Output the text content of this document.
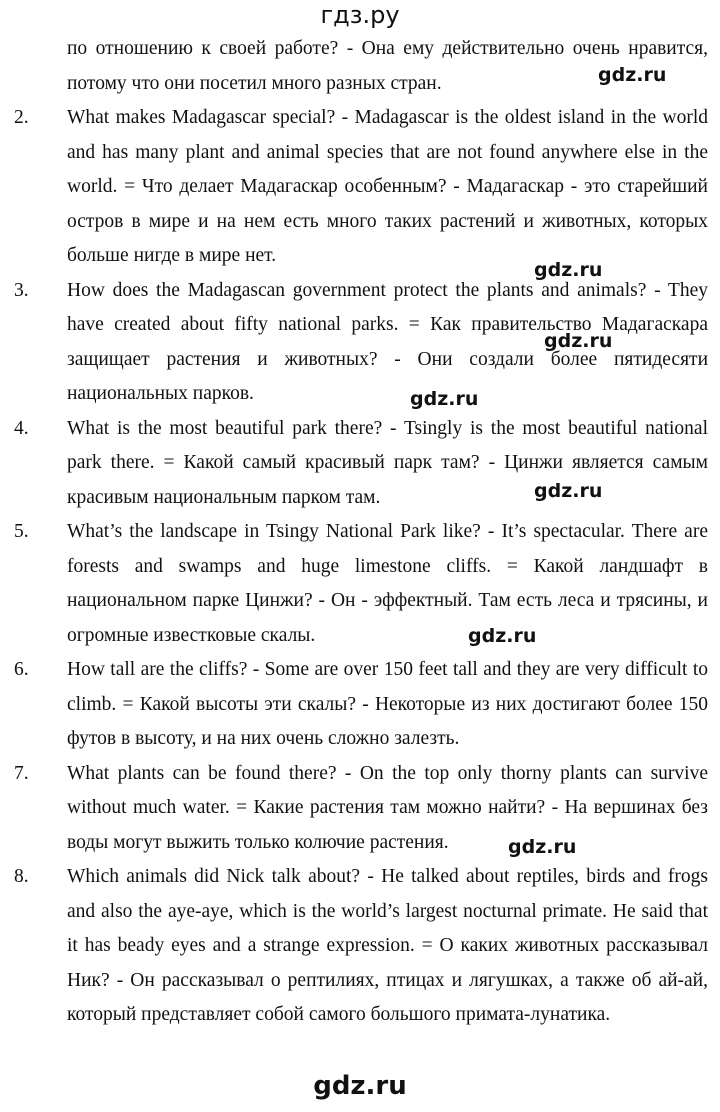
гдз.ру

по отношению к своей работе? - Она ему действительно очень нравится, потому что они посетил много разных стран.

2.	What makes Madagascar special? - Madagascar is the oldest island in the world and has many plant and animal species that are not found anywhere else in the world. = Что делает Мадагаскар особенным? - Мадагаскар - это старейший остров в мире и на нем есть много таких растений и животных, которых больше нигде в мире нет.
3.	How does the Madagascan government protect the plants and animals? - They have created about fifty national parks. = Как правительство Мадагаскара защищает растения и животных? - Они создали более пятидесяти национальных парков.
4.	What is the most beautiful park there? - Tsingly is the most beautiful national park there. = Какой самый красивый парк там? - Цинжи является самым красивым национальным парком там.
5.	What’s the landscape in Tsingy National Park like? - It’s spectacular. There are forests and swamps and huge limestone cliffs. = Какой ландшафт в национальном парке Цинжи? - Он - эффектный. Там есть леса и трясины, и огромные известковые скалы.
6.	How tall are the cliffs? - Some are over 150 feet tall and they are very difficult to climb. = Какой высоты эти скалы? - Некоторые из них достигают более 150 футов в высоту, и на них очень сложно залезть.
7.	What plants can be found there? - On the top only thorny plants can survive without much water. = Какие растения там можно найти? - На вершинах без воды могут выжить только колючие растения.
8.	Which animals did Nick talk about? - He talked about reptiles, birds and frogs and also the aye-aye, which is the world’s largest nocturnal primate. He said that it has beady eyes and a strange expression. = О каких животных рассказывал Ник? - Он рассказывал о рептилиях, птицах и лягушках, а также об ай-ай, который представляет собой самого большого примата-лунатика.
gdz.ru
gdz.ru
gdz.ru
gdz.ru
gdz.ru
gdz.ru
gdz.ru
gdz.ru
